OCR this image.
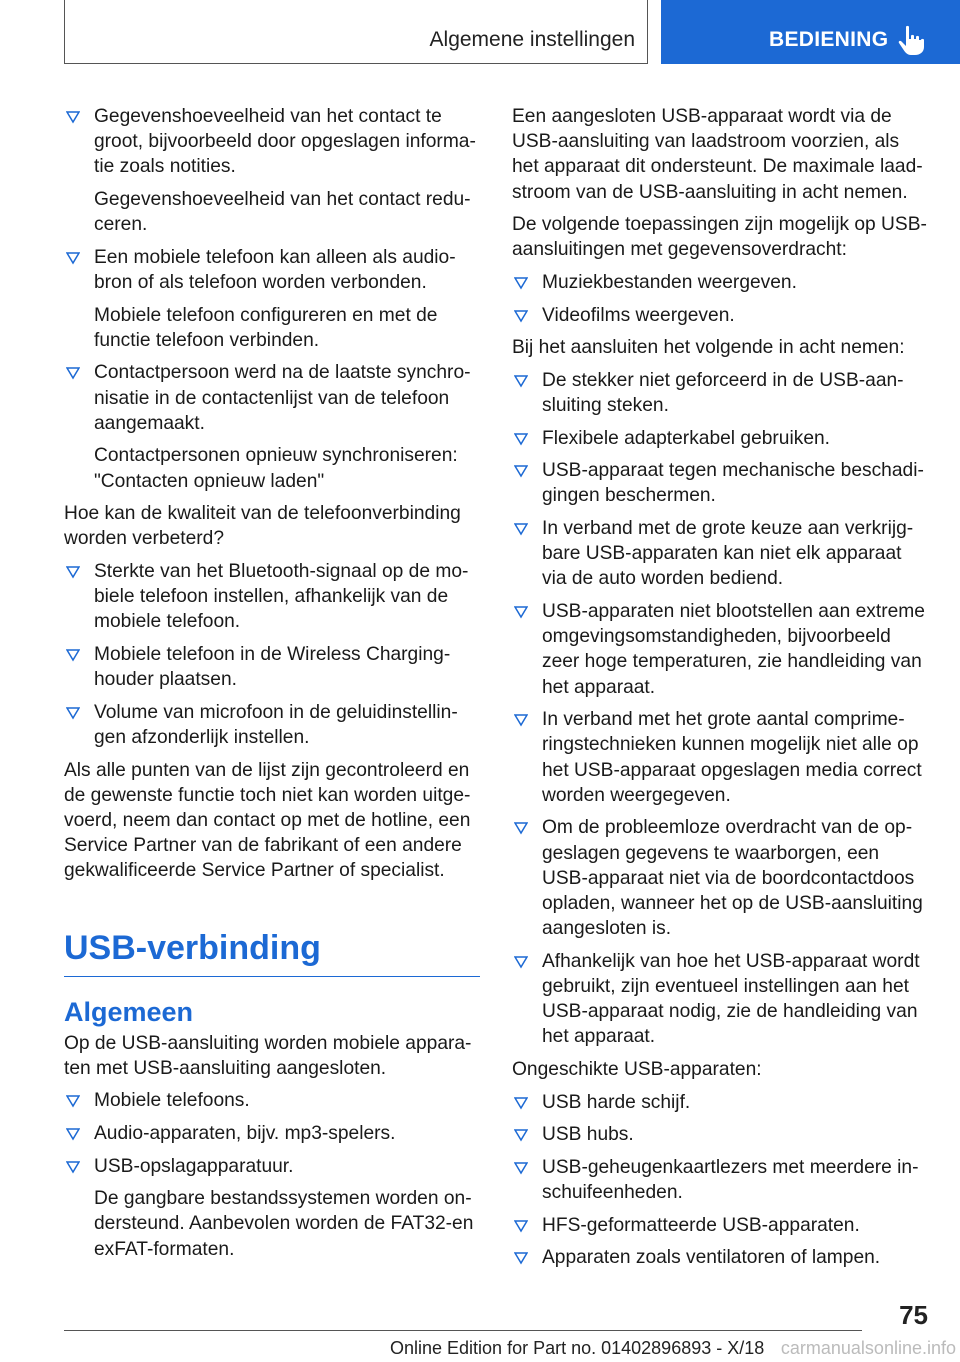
Algemene instellingen	BEDIENING
Gegevenshoeveelheid van het contact te groot, bijvoorbeeld door opgeslagen informatie zoals notities.

Gegevenshoeveelheid van het contact reduceren.

Een mobiele telefoon kan alleen als audiobron of als telefoon worden verbonden.

Mobiele telefoon configureren en met de functie telefoon verbinden.

Contactpersoon werd na de laatste synchronisatie in de contactenlijst van de telefoon aangemaakt.

Contactpersonen opnieuw synchroniseren: "Contacten opnieuw laden"

Hoe kan de kwaliteit van de telefoonverbinding worden verbeterd?

Sterkte van het Bluetooth-signaal op de mobiele telefoon instellen, afhankelijk van de mobiele telefoon.
Mobiele telefoon in de Wireless Charging-houder plaatsen.
Volume van microfoon in de geluidinstellingen afzonderlijk instellen.

Als alle punten van de lijst zijn gecontroleerd en de gewenste functie toch niet kan worden uitgevoerd, neem dan contact op met de hotline, een Service Partner van de fabrikant of een andere gekwalificeerde Service Partner of specialist.

USB-verbinding
Algemeen

Op de USB-aansluiting worden mobiele apparaten met USB-aansluiting aangesloten.

Mobiele telefoons.
Audio-apparaten, bijv. mp3-spelers.
USB-opslagapparatuur.

De gangbare bestandssystemen worden ondersteund. Aanbevolen worden de FAT32-en exFAT-formaten.

Een aangesloten USB-apparaat wordt via de USB-aansluiting van laadstroom voorzien, als het apparaat dit ondersteunt. De maximale laadstroom van de USB-aansluiting in acht nemen.

De volgende toepassingen zijn mogelijk op USB-aansluitingen met gegevensoverdracht:

Muziekbestanden weergeven.
Videofilms weergeven.

Bij het aansluiten het volgende in acht nemen:

De stekker niet geforceerd in de USB-aansluiting steken.
Flexibele adapterkabel gebruiken.
USB-apparaat tegen mechanische beschadigingen beschermen.
In verband met de grote keuze aan verkrijgbare USB-apparaten kan niet elk apparaat via de auto worden bediend.
USB-apparaten niet blootstellen aan extreme omgevingsomstandigheden, bijvoorbeeld zeer hoge temperaturen, zie handleiding van het apparaat.
In verband met het grote aantal comprimeringstechnieken kunnen mogelijk niet alle op het USB-apparaat opgeslagen media correct worden weergegeven.
Om de probleemloze overdracht van de opgeslagen gegevens te waarborgen, een USB-apparaat niet via de boordcontactdoos opladen, wanneer het op de USB-aansluiting aangesloten is.
Afhankelijk van hoe het USB-apparaat wordt gebruikt, zijn eventueel instellingen aan het USB-apparaat nodig, zie de handleiding van het apparaat.

Ongeschikte USB-apparaten:

USB harde schijf.
USB hubs.
USB-geheugenkaartlezers met meerdere inschuifeenheden.
HFS-geformatteerde USB-apparaten.
Apparaten zoals ventilatoren of lampen.
75
Online Edition for Part no. 01402896893 - X/18 carmanualsonline.info
